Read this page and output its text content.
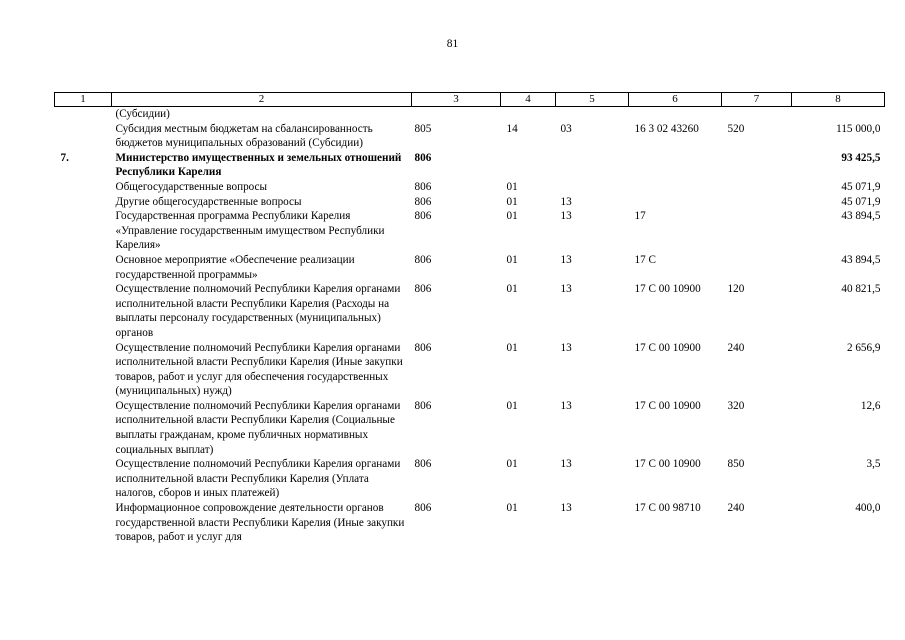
81
1	2	3	4	5	6	7	8
	(Субсидии)						
	Субсидия местным бюджетам на сбалансированность бюджетов муниципальных образований (Субсидии)	805	14	03	16 3 02 43260	520	115 000,0
7.	Министерство имущественных и земельных отношений Республики Карелия	806					93 425,5
	Общегосударственные вопросы	806	01				45 071,9
	Другие общегосударственные вопросы	806	01	13			45 071,9
	Государственная программа Республики Карелия «Управление государственным имуществом Республики Карелия»	806	01	13	17		43 894,5
	Основное мероприятие «Обеспечение реализации государственной программы»	806	01	13	17 С		43 894,5
	Осуществление полномочий Республики Карелия органами исполнительной власти Республики Карелия (Расходы на выплаты персоналу государственных (муниципальных) органов	806	01	13	17 С 00 10900	120	40 821,5
	Осуществление полномочий Республики Карелия органами исполнительной власти Республики Карелия (Иные закупки товаров, работ и услуг для обеспечения государственных (муниципальных) нужд)	806	01	13	17 С 00 10900	240	2 656,9
	Осуществление полномочий Республики Карелия органами исполнительной власти Республики Карелия (Социальные выплаты гражданам, кроме публичных нормативных социальных выплат)	806	01	13	17 С 00 10900	320	12,6
	Осуществление полномочий Республики Карелия органами исполнительной власти Республики Карелия (Уплата налогов, сборов и иных платежей)	806	01	13	17 С 00 10900	850	3,5
	Информационное сопровождение деятельности органов государственной власти Республики Карелия (Иные закупки товаров, работ и услуг для	806	01	13	17 С 00 98710	240	400,0
